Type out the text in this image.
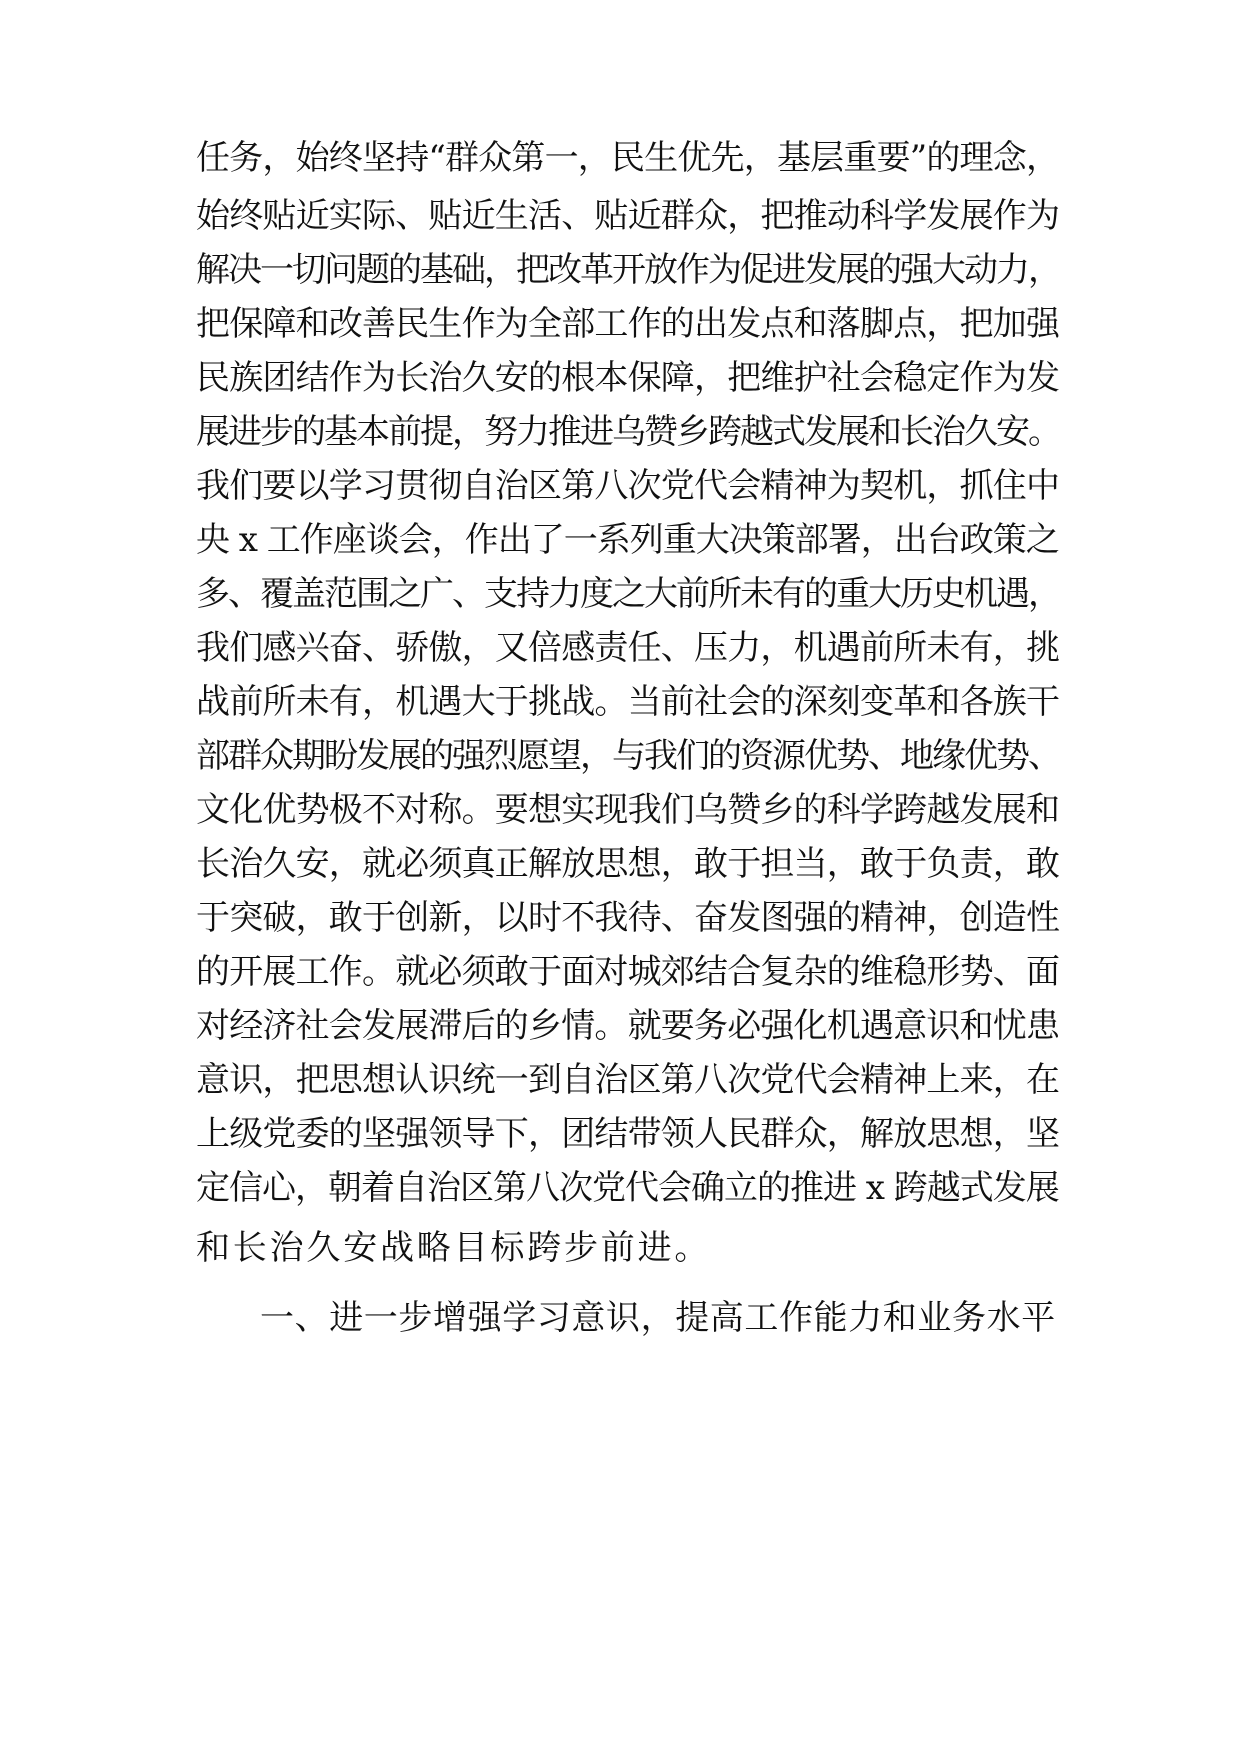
任务，始终坚持“群众第一，民生优先，基层重要”的理念，
始终贴近实际、贴近生活、贴近群众，把推动科学发展作为
解决一切问题的基础，把改革开放作为促进发展的强大动力，
把保障和改善民生作为全部工作的出发点和落脚点，把加强
民族团结作为长治久安的根本保障，把维护社会稳定作为发
展进步的基本前提，努力推进乌赞乡跨越式发展和长治久安。
我们要以学习贯彻自治区第八次党代会精神为契机，抓住中
央 x 工作座谈会，作出了一系列重大决策部署，出台政策之
多、覆盖范围之广、支持力度之大前所未有的重大历史机遇，
我们感兴奋、骄傲，又倍感责任、压力，机遇前所未有，挑
战前所未有，机遇大于挑战。当前社会的深刻变革和各族干
部群众期盼发展的强烈愿望，与我们的资源优势、地缘优势、
文化优势极不对称。要想实现我们乌赞乡的科学跨越发展和
长治久安，就必须真正解放思想，敢于担当，敢于负责，敢
于突破，敢于创新，以时不我待、奋发图强的精神，创造性
的开展工作。就必须敢于面对城郊结合复杂的维稳形势、面
对经济社会发展滞后的乡情。就要务必强化机遇意识和忧患
意识，把思想认识统一到自治区第八次党代会精神上来，在
上级党委的坚强领导下，团结带领人民群众，解放思想，坚
定信心，朝着自治区第八次党代会确立的推进 x 跨越式发展
和长治久安战略目标跨步前进。
一、进一步增强学习意识，提高工作能力和业务水平
